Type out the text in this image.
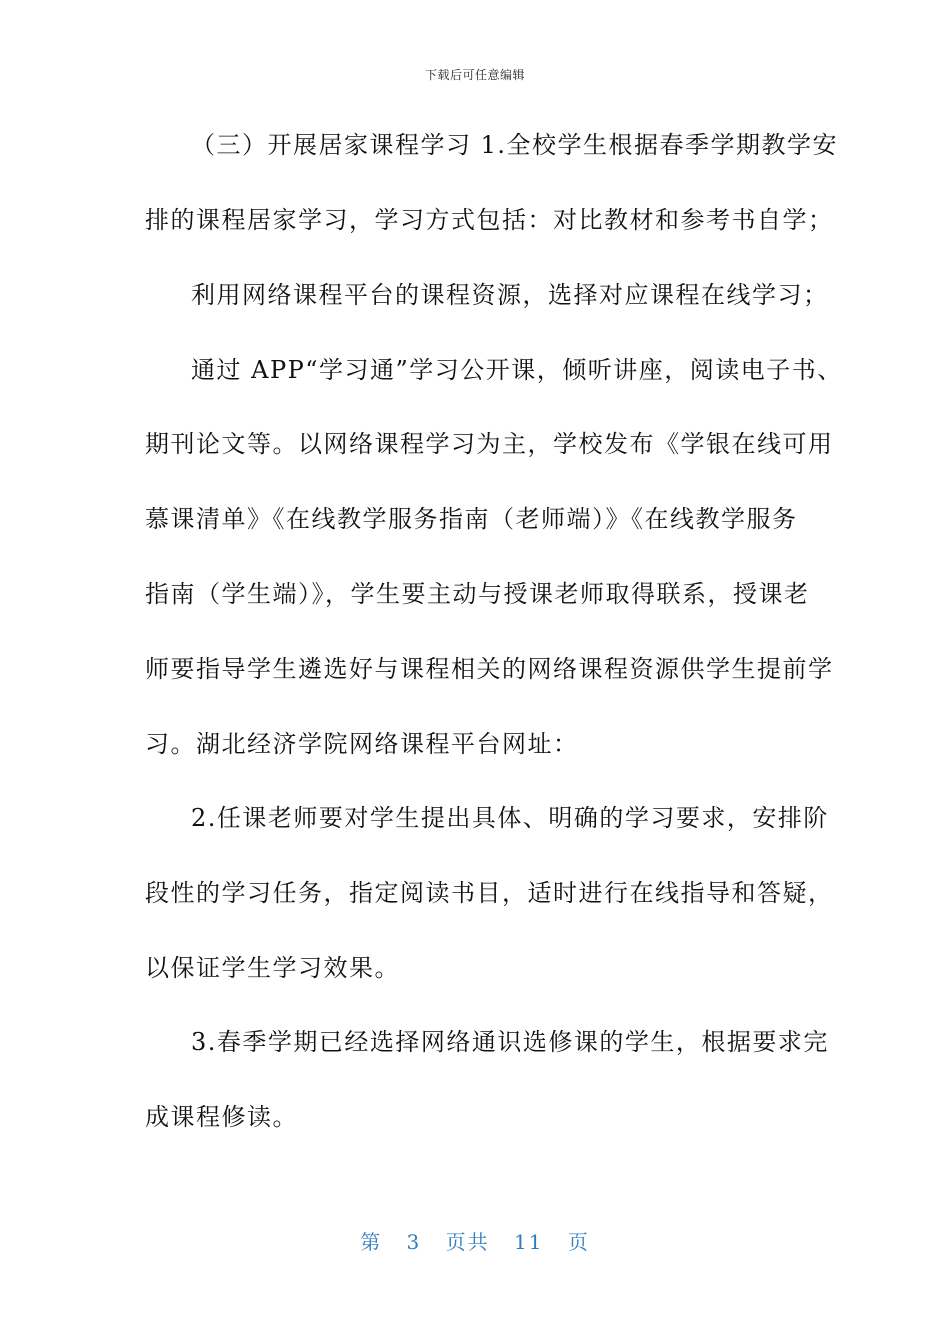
下载后可任意编辑
（三）开展居家课程学习 1.全校学生根据春季学期教学安
排的课程居家学习，学习方式包括：对比教材和参考书自学；
利用网络课程平台的课程资源，选择对应课程在线学习；
通过 APP“学习通”学习公开课，倾听讲座，阅读电子书、
期刊论文等。以网络课程学习为主，学校发布《学银在线可用
慕课清单》《在线教学服务指南（老师端）》《在线教学服务
指南（学生端）》，学生要主动与授课老师取得联系，授课老
师要指导学生遴选好与课程相关的网络课程资源供学生提前学
习。湖北经济学院网络课程平台网址：
2.任课老师要对学生提出具体、明确的学习要求，安排阶
段性的学习任务，指定阅读书目，适时进行在线指导和答疑，
以保证学生学习效果。
3.春季学期已经选择网络通识选修课的学生，根据要求完
成课程修读。
第 3 页共 11 页
